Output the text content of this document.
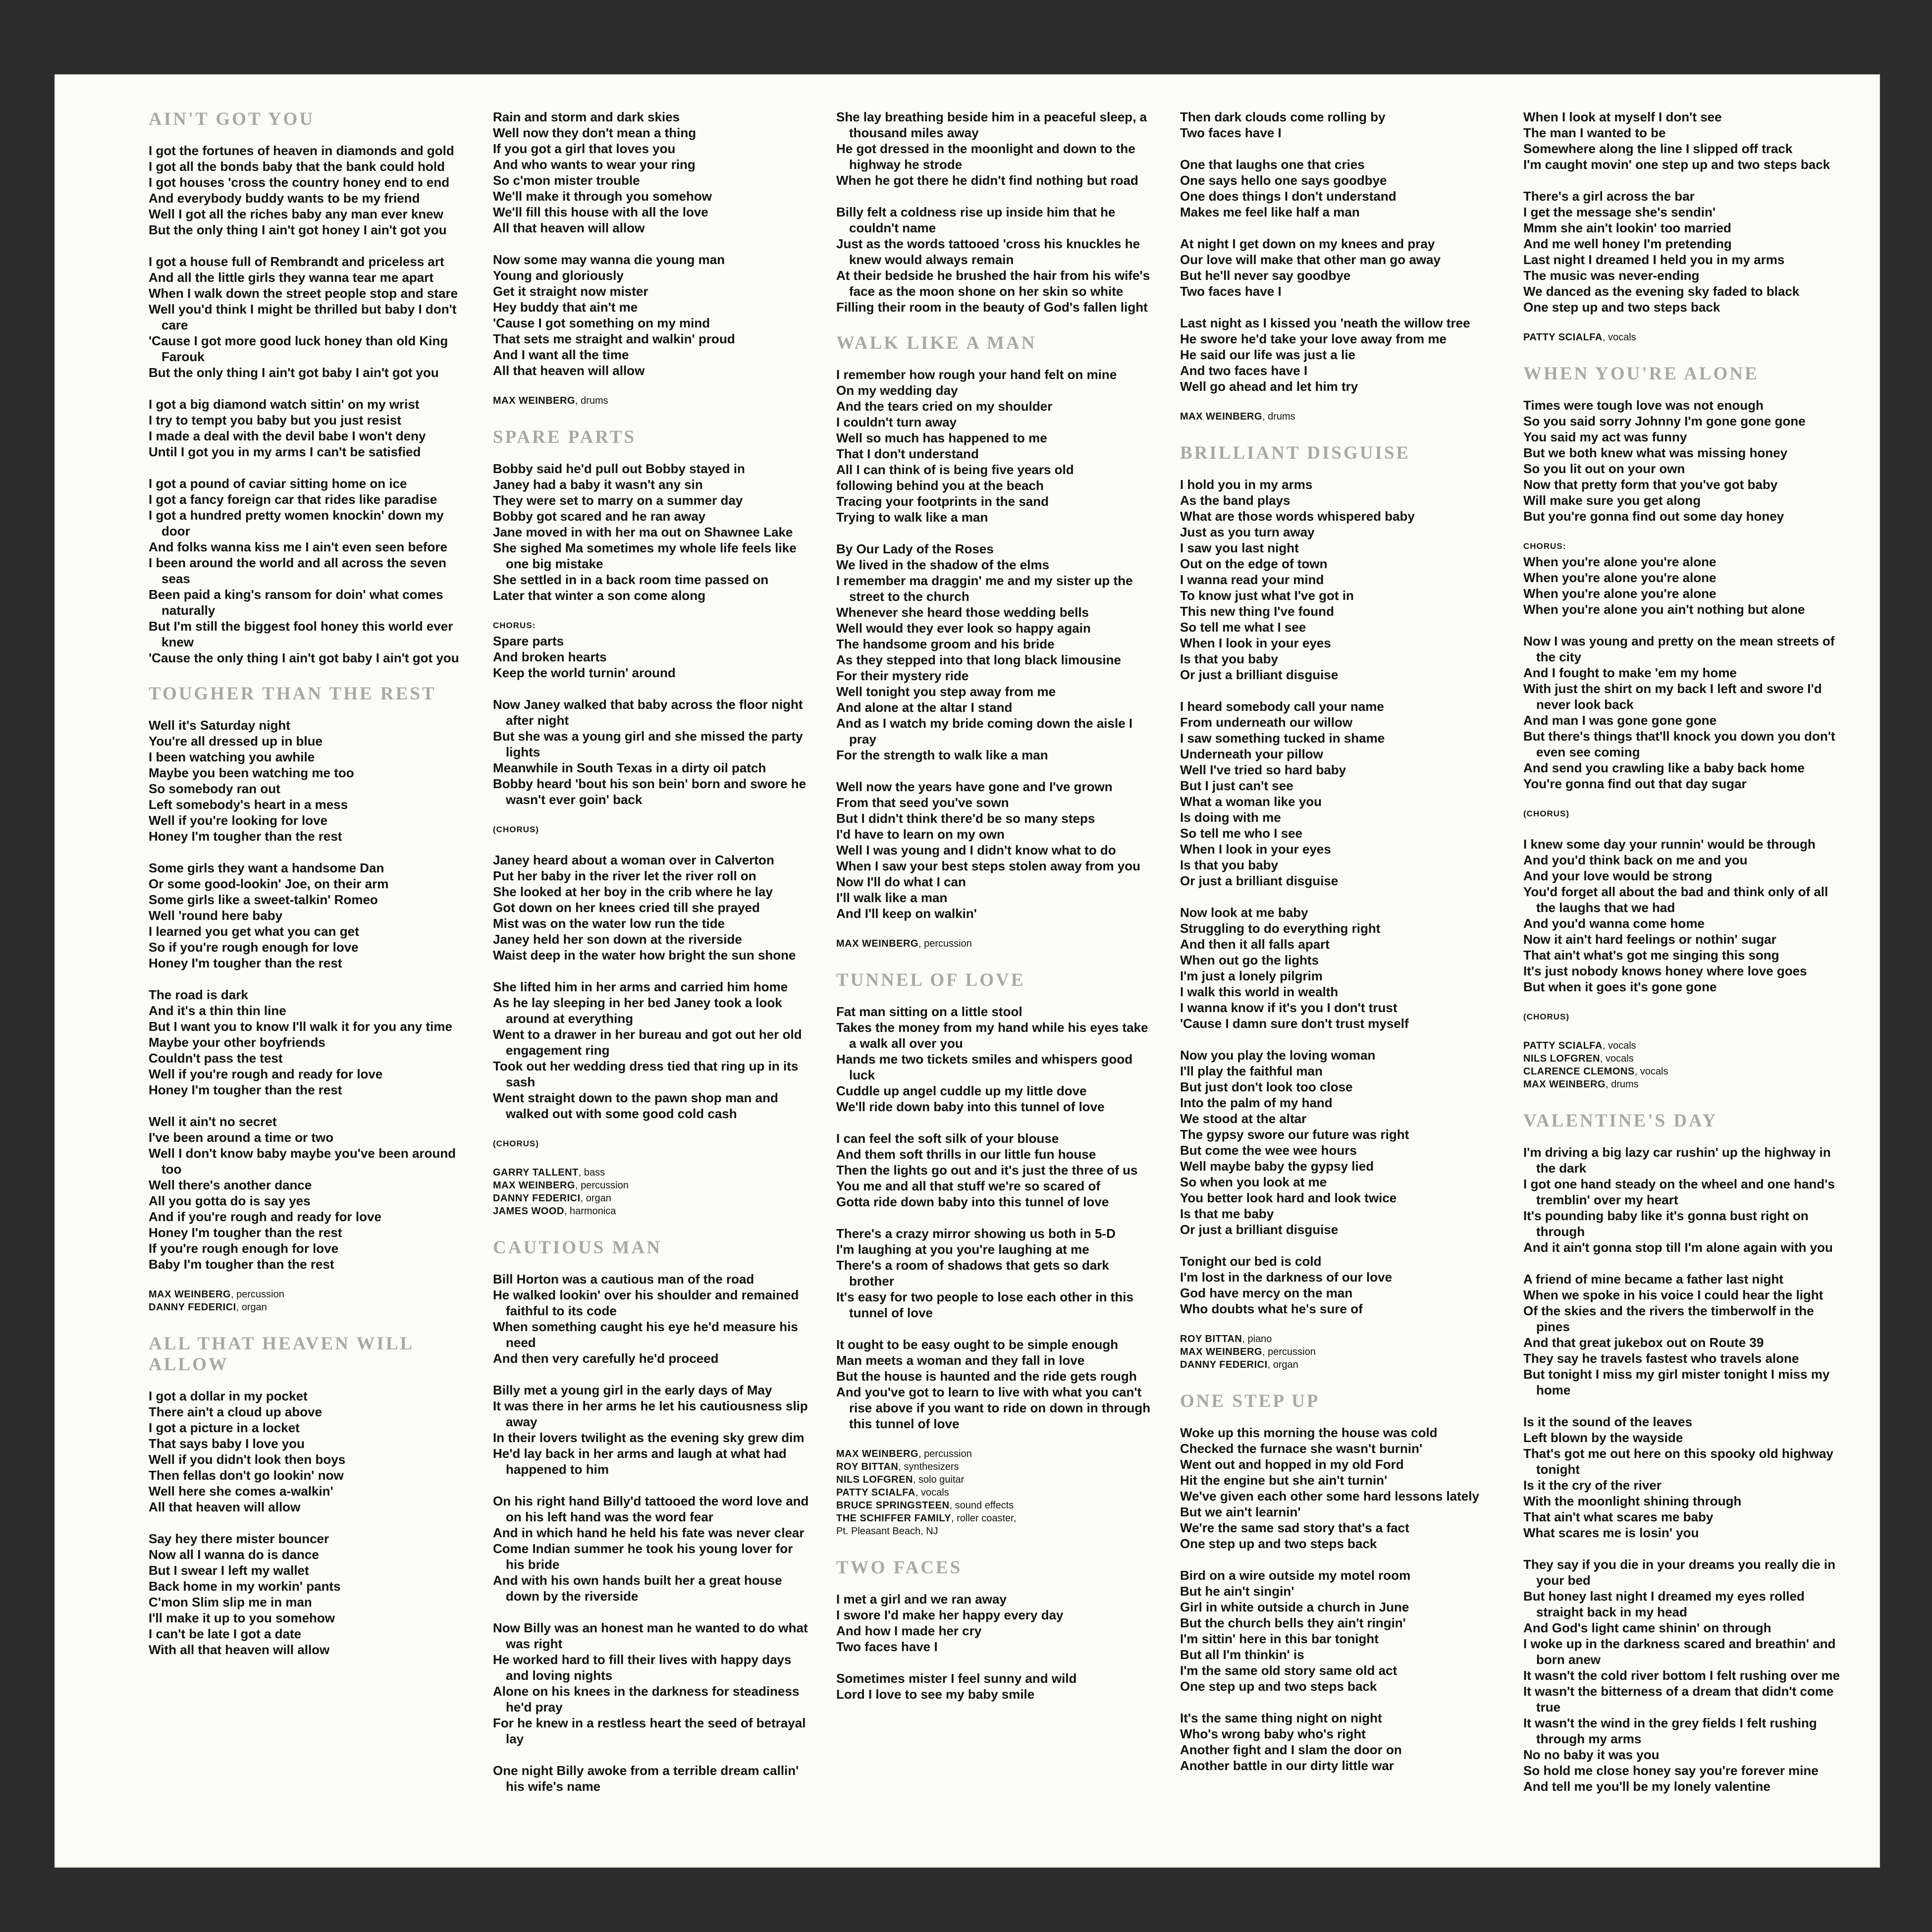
AIN'T GOT YOU
I got the fortunes of heaven in diamonds and gold
I got all the bonds baby that the bank could hold
I got houses 'cross the country honey end to end
And everybody buddy wants to be my friend
Well I got all the riches baby any man ever knew
But the only thing I ain't got honey I ain't got you
I got a house full of Rembrandt and priceless art
And all the little girls they wanna tear me apart
When I walk down the street people stop and stare
Well you'd think I might be thrilled but baby I don't care
'Cause I got more good luck honey than old King Farouk
But the only thing I ain't got baby I ain't got you
I got a big diamond watch sittin' on my wrist
I try to tempt you baby but you just resist
I made a deal with the devil babe I won't deny
Until I got you in my arms I can't be satisfied
I got a pound of caviar sitting home on ice
I got a fancy foreign car that rides like paradise
I got a hundred pretty women knockin' down my door
And folks wanna kiss me I ain't even seen before
I been around the world and all across the seven seas
Been paid a king's ransom for doin' what comes naturally
But I'm still the biggest fool honey this world ever knew
'Cause the only thing I ain't got baby I ain't got you
TOUGHER THAN THE REST
Well it's Saturday night
You're all dressed up in blue
I been watching you awhile
Maybe you been watching me too
So somebody ran out
Left somebody's heart in a mess
Well if you're looking for love
Honey I'm tougher than the rest
Some girls they want a handsome Dan
Or some good-lookin' Joe, on their arm
Some girls like a sweet-talkin' Romeo
Well 'round here baby
I learned you get what you can get
So if you're rough enough for love
Honey I'm tougher than the rest
The road is dark
And it's a thin thin line
But I want you to know I'll walk it for you any time
Maybe your other boyfriends
Couldn't pass the test
Well if you're rough and ready for love
Honey I'm tougher than the rest
Well it ain't no secret
I've been around a time or two
Well I don't know baby maybe you've been around too
Well there's another dance
All you gotta do is say yes
And if you're rough and ready for love
Honey I'm tougher than the rest
If you're rough enough for love
Baby I'm tougher than the rest
MAX WEINBERG, percussion
DANNY FEDERICI, organ
ALL THAT HEAVEN WILL ALLOW
I got a dollar in my pocket
There ain't a cloud up above
I got a picture in a locket
That says baby I love you
Well if you didn't look then boys
Then fellas don't go lookin' now
Well here she comes a-walkin'
All that heaven will allow
Say hey there mister bouncer
Now all I wanna do is dance
But I swear I left my wallet
Back home in my workin' pants
C'mon Slim slip me in man
I'll make it up to you somehow
I can't be late I got a date
With all that heaven will allow
Rain and storm and dark skies
Well now they don't mean a thing
If you got a girl that loves you
And who wants to wear your ring
So c'mon mister trouble
We'll make it through you somehow
We'll fill this house with all the love
All that heaven will allow
Now some may wanna die young man
Young and gloriously
Get it straight now mister
Hey buddy that ain't me
'Cause I got something on my mind
That sets me straight and walkin' proud
And I want all the time
All that heaven will allow
MAX WEINBERG, drums
SPARE PARTS
Bobby said he'd pull out Bobby stayed in
Janey had a baby it wasn't any sin
They were set to marry on a summer day
Bobby got scared and he ran away
Jane moved in with her ma out on Shawnee Lake
She sighed Ma sometimes my whole life feels like one big mistake
She settled in in a back room time passed on
Later that winter a son come along
CHORUS:
Spare parts
And broken hearts
Keep the world turnin' around
Now Janey walked that baby across the floor night after night
But she was a young girl and she missed the party lights
Meanwhile in South Texas in a dirty oil patch
Bobby heard 'bout his son bein' born and swore he wasn't ever goin' back
(CHORUS)
Janey heard about a woman over in Calverton
Put her baby in the river let the river roll on
She looked at her boy in the crib where he lay
Got down on her knees cried till she prayed
Mist was on the water low run the tide
Janey held her son down at the riverside
Waist deep in the water how bright the sun shone
She lifted him in her arms and carried him home
As he lay sleeping in her bed Janey took a look around at everything
Went to a drawer in her bureau and got out her old engagement ring
Took out her wedding dress tied that ring up in its sash
Went straight down to the pawn shop man and walked out with some good cold cash
(CHORUS)
GARRY TALLENT, bass
MAX WEINBERG, percussion
DANNY FEDERICI, organ
JAMES WOOD, harmonica
CAUTIOUS MAN
Bill Horton was a cautious man of the road
He walked lookin' over his shoulder and remained faithful to its code
When something caught his eye he'd measure his need
And then very carefully he'd proceed
Billy met a young girl in the early days of May
It was there in her arms he let his cautiousness slip away
In their lovers twilight as the evening sky grew dim
He'd lay back in her arms and laugh at what had happened to him
On his right hand Billy'd tattooed the word love and on his left hand was the word fear
And in which hand he held his fate was never clear
Come Indian summer he took his young lover for his bride
And with his own hands built her a great house down by the riverside
Now Billy was an honest man he wanted to do what was right
He worked hard to fill their lives with happy days and loving nights
Alone on his knees in the darkness for steadiness he'd pray
For he knew in a restless heart the seed of betrayal lay
One night Billy awoke from a terrible dream callin' his wife's name
She lay breathing beside him in a peaceful sleep, a thousand miles away
He got dressed in the moonlight and down to the highway he strode
When he got there he didn't find nothing but road
Billy felt a coldness rise up inside him that he couldn't name
Just as the words tattooed 'cross his knuckles he knew would always remain
At their bedside he brushed the hair from his wife's face as the moon shone on her skin so white
Filling their room in the beauty of God's fallen light
WALK LIKE A MAN
I remember how rough your hand felt on mine
On my wedding day
And the tears cried on my shoulder
I couldn't turn away
Well so much has happened to me
That I don't understand
All I can think of is being five years old
following behind you at the beach
Tracing your footprints in the sand
Trying to walk like a man
By Our Lady of the Roses
We lived in the shadow of the elms
I remember ma draggin' me and my sister up the street to the church
Whenever she heard those wedding bells
Well would they ever look so happy again
The handsome groom and his bride
As they stepped into that long black limousine
For their mystery ride
Well tonight you step away from me
And alone at the altar I stand
And as I watch my bride coming down the aisle I pray
For the strength to walk like a man
Well now the years have gone and I've grown
From that seed you've sown
But I didn't think there'd be so many steps
I'd have to learn on my own
Well I was young and I didn't know what to do
When I saw your best steps stolen away from you
Now I'll do what I can
I'll walk like a man
And I'll keep on walkin'
MAX WEINBERG, percussion
TUNNEL OF LOVE
Fat man sitting on a little stool
Takes the money from my hand while his eyes take a walk all over you
Hands me two tickets smiles and whispers good luck
Cuddle up angel cuddle up my little dove
We'll ride down baby into this tunnel of love
I can feel the soft silk of your blouse
And them soft thrills in our little fun house
Then the lights go out and it's just the three of us
You me and all that stuff we're so scared of
Gotta ride down baby into this tunnel of love
There's a crazy mirror showing us both in 5-D
I'm laughing at you you're laughing at me
There's a room of shadows that gets so dark brother
It's easy for two people to lose each other in this tunnel of love
It ought to be easy ought to be simple enough
Man meets a woman and they fall in love
But the house is haunted and the ride gets rough
And you've got to learn to live with what you can't rise above if you want to ride on down in through this tunnel of love
MAX WEINBERG, percussion
ROY BITTAN, synthesizers
NILS LOFGREN, solo guitar
PATTY SCIALFA, vocals
BRUCE SPRINGSTEEN, sound effects
THE SCHIFFER FAMILY, roller coaster,
Pt. Pleasant Beach, NJ
TWO FACES
I met a girl and we ran away
I swore I'd make her happy every day
And how I made her cry
Two faces have I
Sometimes mister I feel sunny and wild
Lord I love to see my baby smile
Then dark clouds come rolling by
Two faces have I
One that laughs one that cries
One says hello one says goodbye
One does things I don't understand
Makes me feel like half a man
At night I get down on my knees and pray
Our love will make that other man go away
But he'll never say goodbye
Two faces have I
Last night as I kissed you 'neath the willow tree
He swore he'd take your love away from me
He said our life was just a lie
And two faces have I
Well go ahead and let him try
MAX WEINBERG, drums
BRILLIANT DISGUISE
I hold you in my arms
As the band plays
What are those words whispered baby
Just as you turn away
I saw you last night
Out on the edge of town
I wanna read your mind
To know just what I've got in
This new thing I've found
So tell me what I see
When I look in your eyes
Is that you baby
Or just a brilliant disguise
I heard somebody call your name
From underneath our willow
I saw something tucked in shame
Underneath your pillow
Well I've tried so hard baby
But I just can't see
What a woman like you
Is doing with me
So tell me who I see
When I look in your eyes
Is that you baby
Or just a brilliant disguise
Now look at me baby
Struggling to do everything right
And then it all falls apart
When out go the lights
I'm just a lonely pilgrim
I walk this world in wealth
I wanna know if it's you I don't trust
'Cause I damn sure don't trust myself
Now you play the loving woman
I'll play the faithful man
But just don't look too close
Into the palm of my hand
We stood at the altar
The gypsy swore our future was right
But come the wee wee hours
Well maybe baby the gypsy lied
So when you look at me
You better look hard and look twice
Is that me baby
Or just a brilliant disguise
Tonight our bed is cold
I'm lost in the darkness of our love
God have mercy on the man
Who doubts what he's sure of
ROY BITTAN, piano
MAX WEINBERG, percussion
DANNY FEDERICI, organ
ONE STEP UP
Woke up this morning the house was cold
Checked the furnace she wasn't burnin'
Went out and hopped in my old Ford
Hit the engine but she ain't turnin'
We've given each other some hard lessons lately
But we ain't learnin'
We're the same sad story that's a fact
One step up and two steps back
Bird on a wire outside my motel room
But he ain't singin'
Girl in white outside a church in June
But the church bells they ain't ringin'
I'm sittin' here in this bar tonight
But all I'm thinkin' is
I'm the same old story same old act
One step up and two steps back
It's the same thing night on night
Who's wrong baby who's right
Another fight and I slam the door on
Another battle in our dirty little war
When I look at myself I don't see
The man I wanted to be
Somewhere along the line I slipped off track
I'm caught movin' one step up and two steps back
There's a girl across the bar
I get the message she's sendin'
Mmm she ain't lookin' too married
And me well honey I'm pretending
Last night I dreamed I held you in my arms
The music was never-ending
We danced as the evening sky faded to black
One step up and two steps back
PATTY SCIALFA, vocals
WHEN YOU'RE ALONE
Times were tough love was not enough
So you said sorry Johnny I'm gone gone gone
You said my act was funny
But we both knew what was missing honey
So you lit out on your own
Now that pretty form that you've got baby
Will make sure you get along
But you're gonna find out some day honey
CHORUS:
When you're alone you're alone
When you're alone you're alone
When you're alone you're alone
When you're alone you ain't nothing but alone
Now I was young and pretty on the mean streets of the city
And I fought to make 'em my home
With just the shirt on my back I left and swore I'd never look back
And man I was gone gone gone
But there's things that'll knock you down you don't even see coming
And send you crawling like a baby back home
You're gonna find out that day sugar
(CHORUS)
I knew some day your runnin' would be through
And you'd think back on me and you
And your love would be strong
You'd forget all about the bad and think only of all the laughs that we had
And you'd wanna come home
Now it ain't hard feelings or nothin' sugar
That ain't what's got me singing this song
It's just nobody knows honey where love goes
But when it goes it's gone gone
(CHORUS)
PATTY SCIALFA, vocals
NILS LOFGREN, vocals
CLARENCE CLEMONS, vocals
MAX WEINBERG, drums
VALENTINE'S DAY
I'm driving a big lazy car rushin' up the highway in the dark
I got one hand steady on the wheel and one hand's tremblin' over my heart
It's pounding baby like it's gonna bust right on through
And it ain't gonna stop till I'm alone again with you
A friend of mine became a father last night
When we spoke in his voice I could hear the light
Of the skies and the rivers the timberwolf in the pines
And that great jukebox out on Route 39
They say he travels fastest who travels alone
But tonight I miss my girl mister tonight I miss my home
Is it the sound of the leaves
Left blown by the wayside
That's got me out here on this spooky old highway tonight
Is it the cry of the river
With the moonlight shining through
That ain't what scares me baby
What scares me is losin' you
They say if you die in your dreams you really die in your bed
But honey last night I dreamed my eyes rolled straight back in my head
And God's light came shinin' on through
I woke up in the darkness scared and breathin' and born anew
It wasn't the cold river bottom I felt rushing over me
It wasn't the bitterness of a dream that didn't come true
It wasn't the wind in the grey fields I felt rushing through my arms
No no baby it was you
So hold me close honey say you're forever mine
And tell me you'll be my lonely valentine
